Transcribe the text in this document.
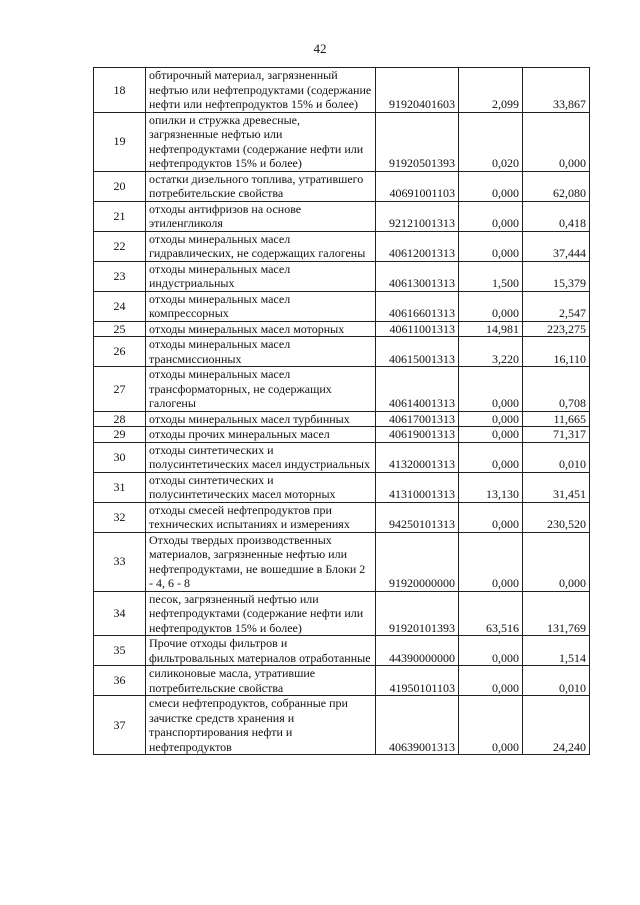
42
18	обтирочный материал, загрязненный нефтью или нефтепродуктами (содержание нефти или нефтепродуктов 15% и более)	91920401603	2,099	33,867
19	опилки и стружка древесные, загрязненные нефтью или нефтепродуктами (содержание нефти или нефтепродуктов 15% и более)	91920501393	0,020	0,000
20	остатки дизельного топлива, утратившего потребительские свойства	40691001103	0,000	62,080
21	отходы антифризов на основе этиленгликоля	92121001313	0,000	0,418
22	отходы минеральных масел гидравлических, не содержащих галогены	40612001313	0,000	37,444
23	отходы минеральных масел индустриальных	40613001313	1,500	15,379
24	отходы минеральных масел компрессорных	40616601313	0,000	2,547
25	отходы минеральных масел моторных	40611001313	14,981	223,275
26	отходы минеральных масел трансмиссионных	40615001313	3,220	16,110
27	отходы минеральных масел трансформаторных, не содержащих галогены	40614001313	0,000	0,708
28	отходы минеральных масел турбинных	40617001313	0,000	11,665
29	отходы прочих минеральных масел	40619001313	0,000	71,317
30	отходы синтетических и полусинтетических масел индустриальных	41320001313	0,000	0,010
31	отходы синтетических и полусинтетических масел моторных	41310001313	13,130	31,451
32	отходы смесей нефтепродуктов при технических испытаниях и измерениях	94250101313	0,000	230,520
33	Отходы твердых производственных материалов, загрязненные нефтью или нефтепродуктами, не вошедшие в Блоки 2 - 4, 6 - 8	91920000000	0,000	0,000
34	песок, загрязненный нефтью или нефтепродуктами (содержание нефти или нефтепродуктов 15% и более)	91920101393	63,516	131,769
35	Прочие отходы фильтров и фильтровальных материалов отработанные	44390000000	0,000	1,514
36	силиконовые масла, утратившие потребительские свойства	41950101103	0,000	0,010
37	смеси нефтепродуктов, собранные при зачистке средств хранения и транспортирования нефти и нефтепродуктов	40639001313	0,000	24,240
